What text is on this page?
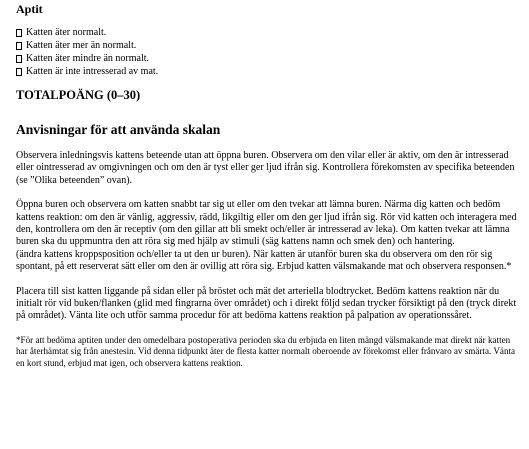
Aptit
Katten äter normalt.
Katten äter mer än normalt.
Katten äter mindre än normalt.
Katten är inte intresserad av mat.
TOTALPOÄNG (0–30)
Anvisningar för att använda skalan

Observera inledningsvis kattens beteende utan att öppna buren. Observera om den vilar eller är aktiv, om den är intresserad eller ointresserad av omgivningen och om den är tyst eller ger ljud ifrån sig. Kontrollera förekomsten av specifika beteenden (se ”Olika beteenden” ovan).

Öppna buren och observera om katten snabbt tar sig ut eller om den tvekar att lämna buren. Närma dig katten och bedöm kattens reaktion: om den är vänlig, aggressiv, rädd, likgiltig eller om den ger ljud ifrån sig. Rör vid katten och interagera med den, kontrollera om den är receptiv (om den gillar att bli smekt och/eller är intresserad av leka). Om katten tvekar att lämna buren ska du uppmuntra den att röra sig med hjälp av stimuli (säg kattens namn och smek den) och hantering.

(ändra kattens kroppsposition och/eller ta ut den ur buren). När katten är utanför buren ska du observera om den rör sig spontant, på ett reserverat sätt eller om den är ovillig att röra sig. Erbjud katten välsmakande mat och observera responsen.*

Placera till sist katten liggande på sidan eller på bröstet och mät det arteriella blodtrycket. Bedöm kattens reaktion när du initialt rör vid buken/flanken (glid med fingrarna över området) och i direkt följd sedan trycker försiktigt på den (tryck direkt på området). Vänta lite och utför samma procedur för att bedöma kattens reaktion på palpation av operationssåret.

*För att bedöma aptiten under den omedelbara postoperativa perioden ska du erbjuda en liten mängd välsmakande mat direkt när katten har återhämtat sig från anestesin. Vid denna tidpunkt äter de flesta katter normalt oberoende av förekomst eller frånvaro av smärta. Vänta en kort stund, erbjud mat igen, och observera kattens reaktion.
